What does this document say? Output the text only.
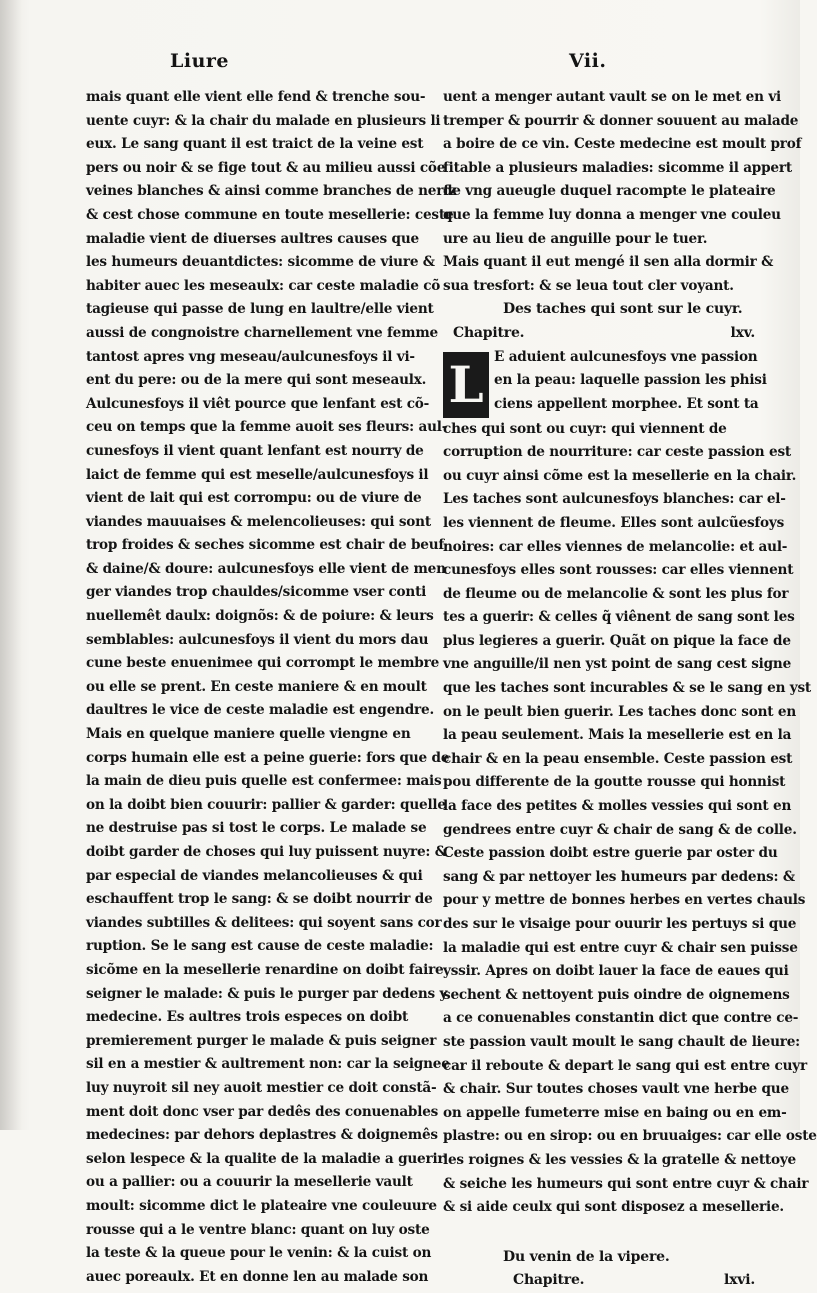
Liure	Vii.
mais quant elle vient elle fend & trenche sou-
uente cuyr: & la chair du malade en plusieurs li
eux. Le sang quant il est traict de la veine est
pers ou noir & se fige tout & au milieu aussi cõe
veines blanches & ainsi comme branches de nerfz
& cest chose commune en toute mesellerie: ceste
maladie vient de diuerses aultres causes que
les humeurs deuantdictes: sicomme de viure &
habiter auec les meseaulx: car ceste maladie cõ
tagieuse qui passe de lung en laultre/elle vient
aussi de congnoistre charnellement vne femme
tantost apres vng meseau/aulcunesfoys il vi-
ent du pere: ou de la mere qui sont meseaulx.
Aulcunesfoys il viêt pource que lenfant est cõ-
ceu on temps que la femme auoit ses fleurs: aul-
cunesfoys il vient quant lenfant est nourry de
laict de femme qui est meselle/aulcunesfoys il
vient de lait qui est corrompu: ou de viure de
viandes mauuaises & melencolieuses: qui sont
trop froides & seches sicomme est chair de beuf
& daine/& doure: aulcunesfoys elle vient de men
ger viandes trop chauldes/sicomme vser conti
nuellemêt daulx: doignõs: & de poiure: & leurs
semblables: aulcunesfoys il vient du mors dau
cune beste enuenimee qui corrompt le membre
ou elle se prent. En ceste maniere & en moult
daultres le vice de ceste maladie est engendre.
Mais en quelque maniere quelle viengne en
corps humain elle est a peine guerie: fors que de
la main de dieu puis quelle est confermee: mais
on la doibt bien couurir: pallier & garder: quelle
ne destruise pas si tost le corps. Le malade se
doibt garder de choses qui luy puissent nuyre: &
par especial de viandes melancolieuses & qui
eschauffent trop le sang: & se doibt nourrir de
viandes subtilles & delitees: qui soyent sans cor
ruption. Se le sang est cause de ceste maladie:
sicõme en la mesellerie renardine on doibt faire
seigner le malade: & puis le purger par dedens y
medecine. Es aultres trois especes on doibt
premierement purger le malade & puis seigner
sil en a mestier & aultrement non: car la seignee
luy nuyroit sil ney auoit mestier ce doit constã-
ment doit donc vser par dedês des conuenables
medecines: par dehors deplastres & doignemês
selon lespece & la qualite de la maladie a guerir
ou a pallier: ou a couurir la mesellerie vault
moult: sicomme dict le plateaire vne couleuure
rousse qui a le ventre blanc: quant on luy oste
la teste & la queue pour le venin: & la cuist on
auec poreaulx. Et en donne len au malade son
uent a menger autant vault se on le met en vi
tremper & pourrir & donner souuent au malade
a boire de ce vin. Ceste medecine est moult prof
fitable a plusieurs maladies: sicomme il appert
de vng aueugle duquel racompte le plateaire
que la femme luy donna a menger vne couleu
ure au lieu de anguille pour le tuer.
Mais quant il eut mengé il sen alla dormir &
sua tresfort: & se leua tout cler voyant.
Des taches qui sont sur le cuyr.
Chapitre.	lxv.
L E aduient aulcunesfoys vne passion
en la peau: laquelle passion les phisi
ciens appellent morphee. Et sont ta
ches qui sont ou cuyr: qui viennent de
corruption de nourriture: car ceste passion est
ou cuyr ainsi cõme est la mesellerie en la chair.
Les taches sont aulcunesfoys blanches: car el-
les viennent de fleume. Elles sont aulcũesfoys
noires: car elles viennes de melancolie: et aul-
cunesfoys elles sont rousses: car elles viennent
de fleume ou de melancolie & sont les plus for
tes a guerir: & celles q̃ viênent de sang sont les
plus legieres a guerir. Quãt on pique la face de
vne anguille/il nen yst point de sang cest signe
que les taches sont incurables & se le sang en yst
on le peult bien guerir. Les taches donc sont en
la peau seulement. Mais la mesellerie est en la
chair & en la peau ensemble. Ceste passion est
pou differente de la goutte rousse qui honnist
la face des petites & molles vessies qui sont en
gendrees entre cuyr & chair de sang & de colle.
Ceste passion doibt estre guerie par oster du
sang & par nettoyer les humeurs par dedens: &
pour y mettre de bonnes herbes en vertes chauls
des sur le visaige pour ouurir les pertuys si que
la maladie qui est entre cuyr & chair sen puisse
yssir. Apres on doibt lauer la face de eaues qui
sechent & nettoyent puis oindre de oignemens
a ce conuenables constantin dict que contre ce-
ste passion vault moult le sang chault de lieure:
car il reboute & depart le sang qui est entre cuyr
& chair. Sur toutes choses vault vne herbe que
on appelle fumeterre mise en baing ou en em-
plastre: ou en sirop: ou en bruuaiges: car elle oste
les roignes & les vessies & la gratelle & nettoye
& seiche les humeurs qui sont entre cuyr & chair
& si aide ceulx qui sont disposez a mesellerie.
Du venin de la vipere.
Chapitre.	lxvi.
